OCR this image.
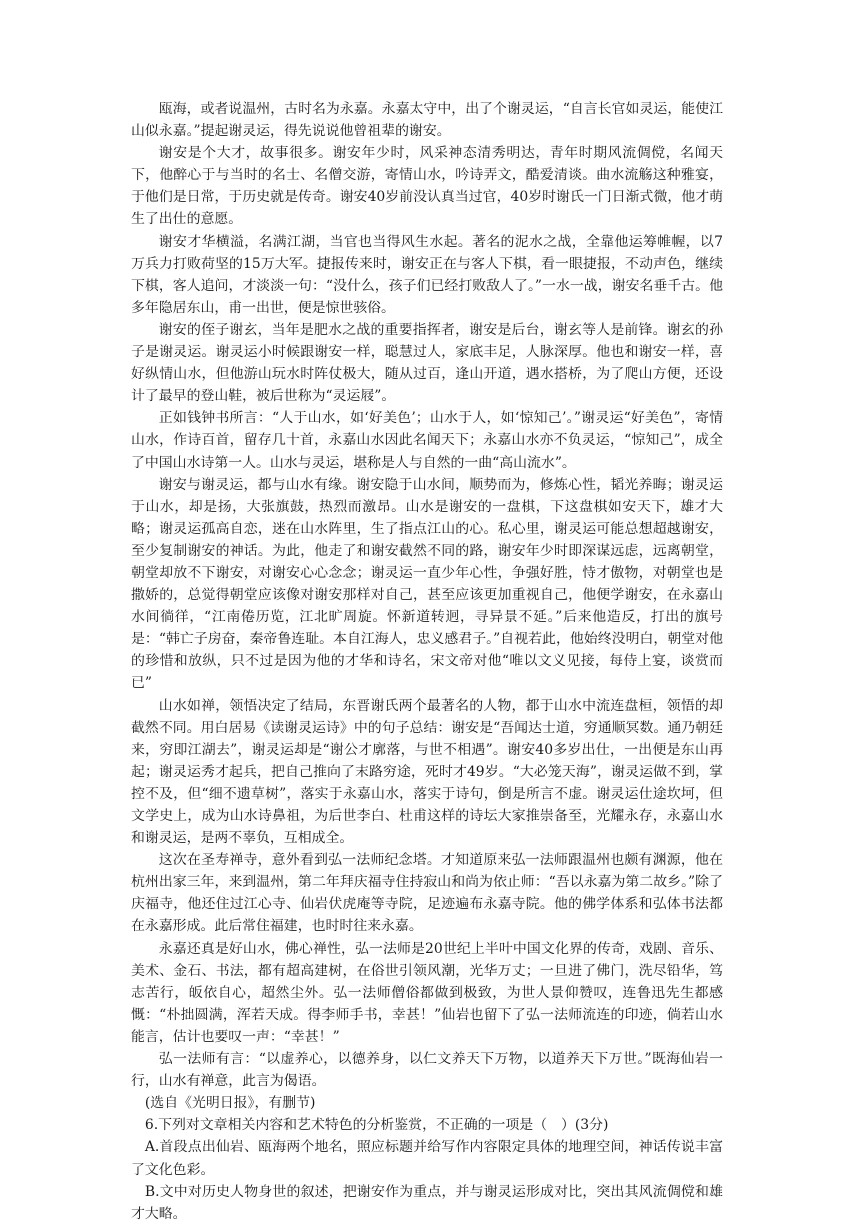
瓯海，或者说温州，古时名为永嘉。永嘉太守中，出了个谢灵运，“自言长官如灵运，能使江山似永嘉。”提起谢灵运，得先说说他曾祖辈的谢安。

谢安是个大才，故事很多。谢安年少时，风采神态清秀明达，青年时期风流倜傥，名闻天下，他醉心于与当时的名士、名僧交游，寄情山水，吟诗弄文，酷爱清谈。曲水流觞这种雅宴，于他们是日常，于历史就是传奇。谢安40岁前没认真当过官，40岁时谢氏一门日渐式微，他才萌生了出仕的意愿。

谢安才华横溢，名满江湖，当官也当得风生水起。著名的泥水之战，全靠他运筹帷幄，以7万兵力打败荷坚的15万大军。捷报传来时，谢安正在与客人下棋，看一眼捷报，不动声色，继续下棋，客人追问，才淡淡一句：“没什么，孩子们已经打败敌人了。”一水一战，谢安名垂千古。他多年隐居东山，甫一出世，便是惊世骇俗。

谢安的侄子谢玄，当年是肥水之战的重要指挥者，谢安是后台，谢玄等人是前锋。谢玄的孙子是谢灵运。谢灵运小时候跟谢安一样，聪慧过人，家底丰足，人脉深厚。他也和谢安一样，喜好纵情山水，但他游山玩水时阵仗极大，随从过百，逢山开道，遇水搭桥，为了爬山方便，还设计了最早的登山鞋，被后世称为“灵运屐”。

正如钱钟书所言：“人于山水，如‘好美色’；山水于人，如‘惊知己’。”谢灵运“好美色”，寄情山水，作诗百首，留存几十首，永嘉山水因此名闻天下；永嘉山水亦不负灵运，“惊知己”，成全了中国山水诗第一人。山水与灵运，堪称是人与自然的一曲“高山流水”。

谢安与谢灵运，都与山水有缘。谢安隐于山水间，顺势而为，修炼心性，韬光养晦；谢灵运于山水，却是扬，大张旗鼓，热烈而激昂。山水是谢安的一盘棋，下这盘棋如安天下，雄才大略；谢灵运孤高自恋，迷在山水阵里，生了指点江山的心。私心里，谢灵运可能总想超越谢安，至少复制谢安的神话。为此，他走了和谢安截然不同的路，谢安年少时即深谋远虑，远离朝堂，朝堂却放不下谢安，对谢安心心念念；谢灵运一直少年心性，争强好胜，恃才傲物，对朝堂也是撒娇的，总觉得朝堂应该像对谢安那样对自己，甚至应该更加重视自己，他便学谢安，在永嘉山水间徜徉，“江南倦历览，江北旷周旋。怀新道转迥，寻异景不延。”后来他造反，打出的旗号是：“韩亡子房奋，秦帝鲁连耻。本自江海人，忠义感君子。”自视若此，他始终没明白，朝堂对他的珍惜和放纵，只不过是因为他的才华和诗名，宋文帝对他“唯以文义见接，每侍上宴，谈赏而已”

山水如禅，领悟决定了结局，东晋谢氏两个最著名的人物，都于山水中流连盘桓，领悟的却截然不同。用白居易《读谢灵运诗》中的句子总结：谢安是“吾闻达士道，穷通顺冥数。通乃朝廷来，穷即江湖去”，谢灵运却是“谢公才廓落，与世不相遇”。谢安40多岁出仕，一出便是东山再起；谢灵运秀才起兵，把自己推向了末路穷途，死时才49岁。“大必笼天海”，谢灵运做不到，掌控不及，但“细不遗草树”，落实于永嘉山水，落实于诗句，倒是所言不虚。谢灵运仕途坎坷，但文学史上，成为山水诗鼻祖，为后世李白、杜甫这样的诗坛大家推崇备至，光耀永存，永嘉山水和谢灵运，是两不辜负，互相成全。

这次在圣寿禅寺，意外看到弘一法师纪念塔。才知道原来弘一法师跟温州也颇有渊源，他在杭州出家三年，来到温州，第二年拜庆福寺住持寂山和尚为依止师：“吾以永嘉为第二故乡。”除了庆福寺，他还住过江心寺、仙岩伏虎庵等寺院，足迹遍布永嘉寺院。他的佛学体系和弘体书法都在永嘉形成。此后常住福建，也时时往来永嘉。

永嘉还真是好山水，佛心禅性，弘一法师是20世纪上半叶中国文化界的传奇，戏剧、音乐、美术、金石、书法，都有超高建树，在俗世引领风潮，光华万丈；一旦进了佛门，洗尽铅华，笃志苦行，皈依自心，超然尘外。弘一法师僧俗都做到极致，为世人景仰赞叹，连鲁迅先生都感慨：“朴拙圆满，浑若天成。得李师手书，幸甚！”仙岩也留下了弘一法师流连的印迹，倘若山水能言，估计也要叹一声：“幸甚！”

弘一法师有言：“以虚养心，以德养身，以仁文养天下万物，以道养天下万世。”既海仙岩一行，山水有禅意，此言为偈语。

(选自《光明日报》，有删节)

6.下列对文章相关内容和艺术特色的分析鉴赏，不正确的一项是（　）(3分)

A.首段点出仙岩、瓯海两个地名，照应标题并给写作内容限定具体的地理空间，神话传说丰富了文化色彩。

B.文中对历史人物身世的叙述，把谢安作为重点，并与谢灵运形成对比，突出其风流倜傥和雄才大略。
